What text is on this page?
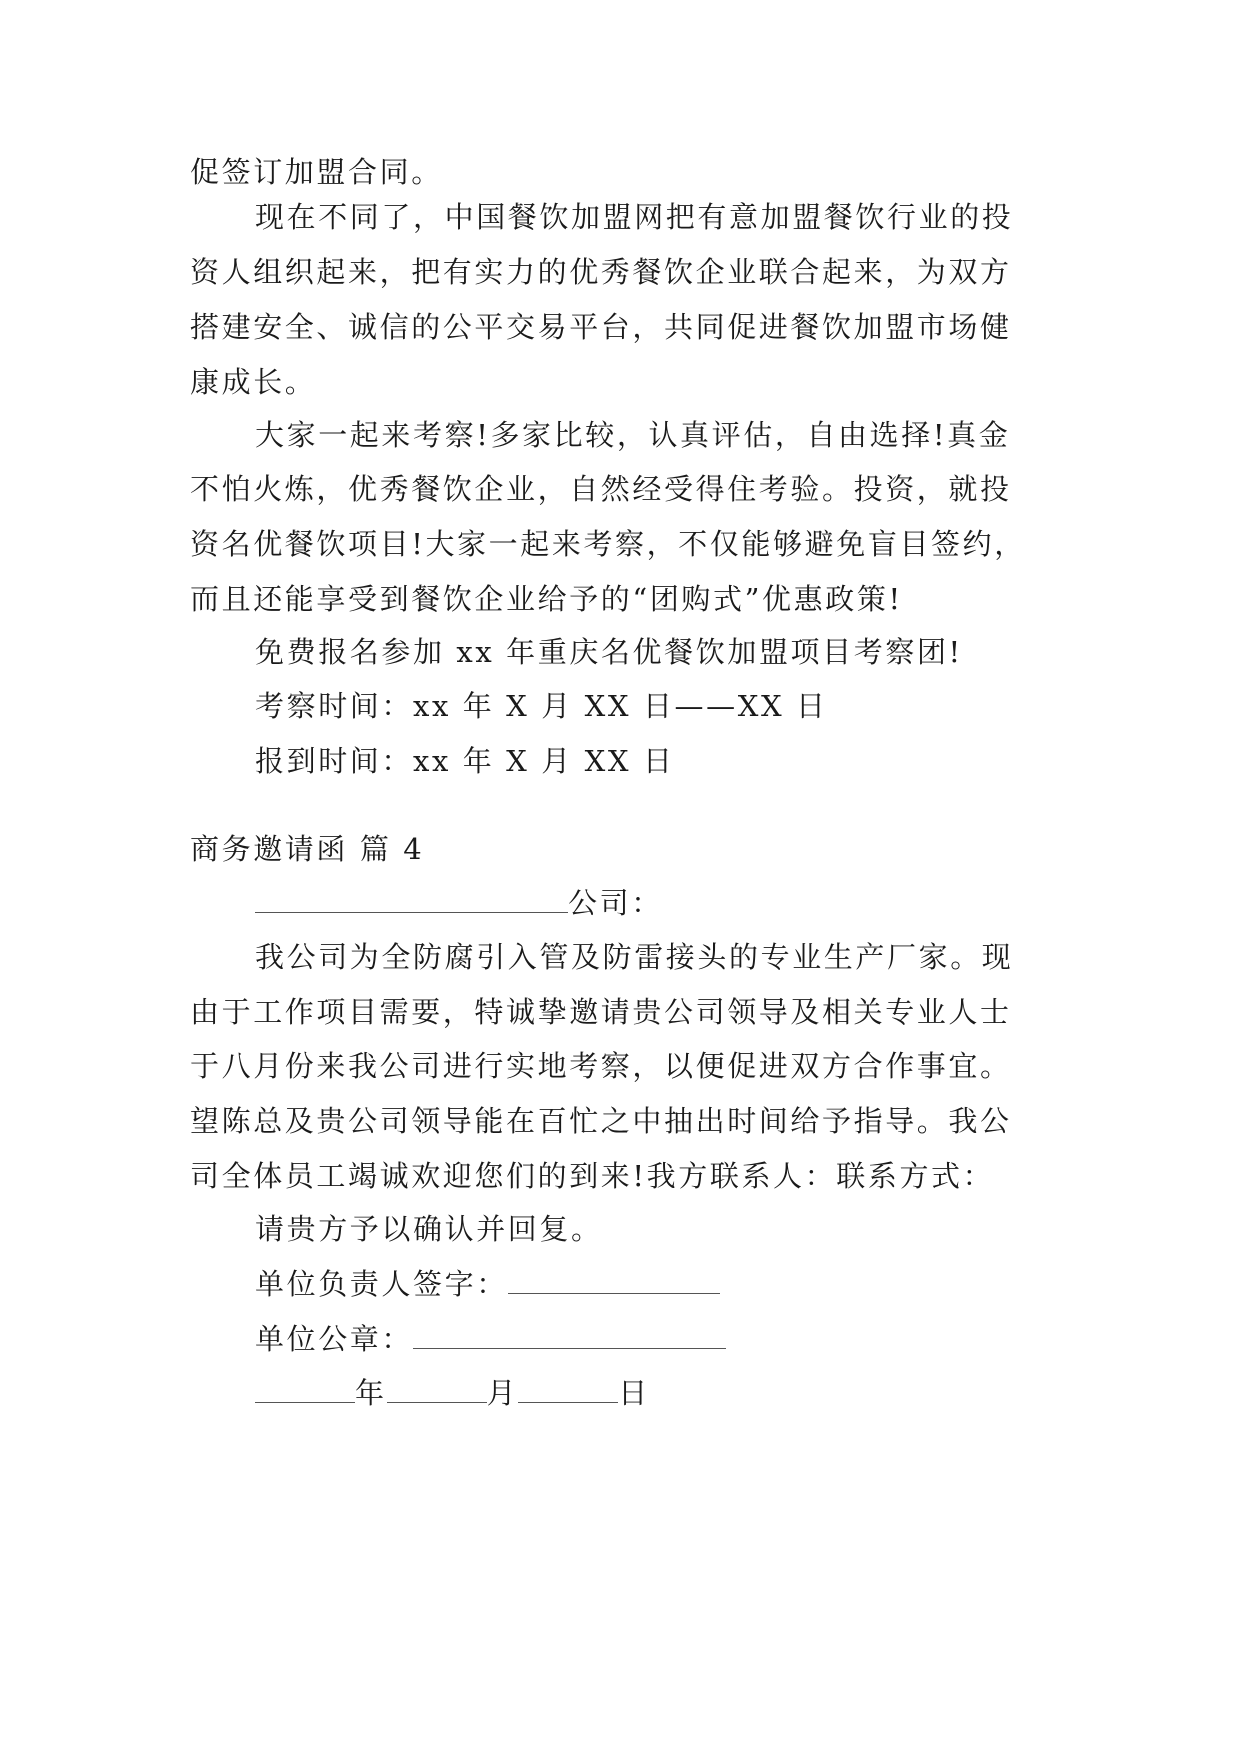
促签订加盟合同。
现在不同了，中国餐饮加盟网把有意加盟餐饮行业的投
资人组织起来，把有实力的优秀餐饮企业联合起来，为双方
搭建安全、诚信的公平交易平台，共同促进餐饮加盟市场健
康成长。
大家一起来考察!多家比较，认真评估，自由选择!真金
不怕火炼，优秀餐饮企业，自然经受得住考验。投资，就投
资名优餐饮项目!大家一起来考察，不仅能够避免盲目签约，
而且还能享受到餐饮企业给予的“团购式”优惠政策!
免费报名参加 xx 年重庆名优餐饮加盟项目考察团!
考察时间：xx 年 X 月 XX 日——XX 日
报到时间：xx 年 X 月 XX 日
商务邀请函 篇 4
公司：
我公司为全防腐引入管及防雷接头的专业生产厂家。现
由于工作项目需要，特诚挚邀请贵公司领导及相关专业人士
于八月份来我公司进行实地考察，以便促进双方合作事宜。
望陈总及贵公司领导能在百忙之中抽出时间给予指导。我公
司全体员工竭诚欢迎您们的到来!我方联系人：联系方式：
请贵方予以确认并回复。
单位负责人签字：
单位公章：
年	月	日
